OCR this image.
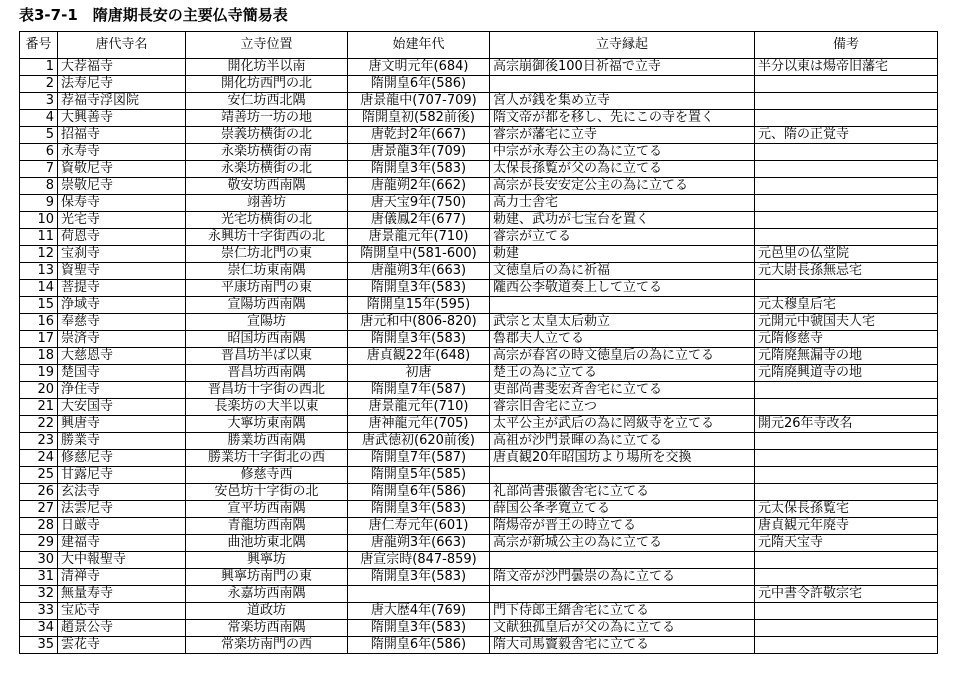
表3-7-1　隋唐期長安の主要仏寺簡易表
番号	唐代寺名	立寺位置	始建年代	立寺縁起	備考
1	大荐福寺	開化坊半以南	唐文明元年(684)	高宗崩御後100日祈福で立寺	半分以東は煬帝旧藩宅
2	法寿尼寺	開化坊西門の北	隋開皇6年(586)		
3	荐福寺浮図院	安仁坊西北隅	唐景龍中(707-709)	宮人が銭を集め立寺	
4	大興善寺	靖善坊一坊の地	隋開皇初(582前後)	隋文帝が都を移し、先にこの寺を置く	
5	招福寺	崇義坊横街の北	唐乾封2年(667)	睿宗が藩宅に立寺	元、隋の正覚寺
6	永寿寺	永楽坊横街の南	唐景龍3年(709)	中宗が永寿公主の為に立てる	
7	資敬尼寺	永楽坊横街の北	隋開皇3年(583)	太保長孫覧が父の為に立てる	
8	崇敬尼寺	敬安坊西南隅	唐龍朔2年(662)	高宗が長安安定公主の為に立てる	
9	保寿寺	翊善坊	唐天宝9年(750)	高力士舎宅	
10	光宅寺	光宅坊横街の北	唐儀鳳2年(677)	勅建、武功が七宝台を置く	
11	荷恩寺	永興坊十字街西の北	唐景龍元年(710)	睿宗が立てる	
12	宝刹寺	崇仁坊北門の東	隋開皇中(581-600)	勅建	元邑里の仏堂院
13	資聖寺	崇仁坊東南隅	唐龍朔3年(663)	文徳皇后の為に祈福	元大尉長孫無忌宅
14	菩提寺	平康坊南門の東	隋開皇3年(583)	隴西公李敬道奏上して立てる	
15	浄域寺	宣陽坊西南隅	隋開皇15年(595)		元太穆皇后宅
16	奉慈寺	宣陽坊	唐元和中(806-820)	武宗と太皇太后勅立	元開元中虢国夫人宅
17	崇済寺	昭国坊西南隅	隋開皇3年(583)	魯郡夫人立てる	元隋修慈寺
18	大慈恩寺	晋昌坊半ば以東	唐貞観22年(648)	高宗が春宮の時文徳皇后の為に立てる	元隋廃無漏寺の地
19	楚国寺	晋昌坊西南隅	初唐	楚王の為に立てる	元隋廃興道寺の地
20	浄住寺	晋昌坊十字街の西北	隋開皇7年(587)	吏部尚書斐宏斉舎宅に立てる	
21	大安国寺	長楽坊の大半以東	唐景龍元年(710)	睿宗旧舎宅に立つ	
22	興唐寺	大寧坊東南隅	唐神龍元年(705)	太平公主が武后の為に罔級寺を立てる	開元26年寺改名
23	勝業寺	勝業坊西南隅	唐武徳初(620前後)	高祖が沙門景暉の為に立てる	
24	修慈尼寺	勝業坊十字街北の西	隋開皇7年(587)	唐貞観20年昭国坊より場所を交換	
25	甘露尼寺	修慈寺西	隋開皇5年(585)		
26	玄法寺	安邑坊十字街の北	隋開皇6年(586)	礼部尚書張徽舎宅に立てる	
27	法雲尼寺	宣平坊西南隅	隋開皇3年(583)	薛国公夆孝寛立てる	元太保長孫覧宅
28	日厳寺	青龍坊西南隅	唐仁寿元年(601)	隋煬帝が晋王の時立てる	唐貞観元年廃寺
29	建福寺	曲池坊東北隅	唐龍朔3年(663)	高宗が新城公主の為に立てる	元隋天宝寺
30	大中報聖寺	興寧坊	唐宣宗時(847-859)		
31	清禅寺	興寧坊南門の東	隋開皇3年(583)	隋文帝が沙門曇崇の為に立てる	
32	無量寿寺	永嘉坊西南隅			元中書令許敬宗宅
33	宝応寺	道政坊	唐大歴4年(769)	門下侍郎王縉舎宅に立てる	
34	趙景公寺	常楽坊西南隅	隋開皇3年(583)	文献独孤皇后が父の為に立てる	
35	雲花寺	常楽坊南門の西	隋開皇6年(586)	隋大司馬竇毅舎宅に立てる	
